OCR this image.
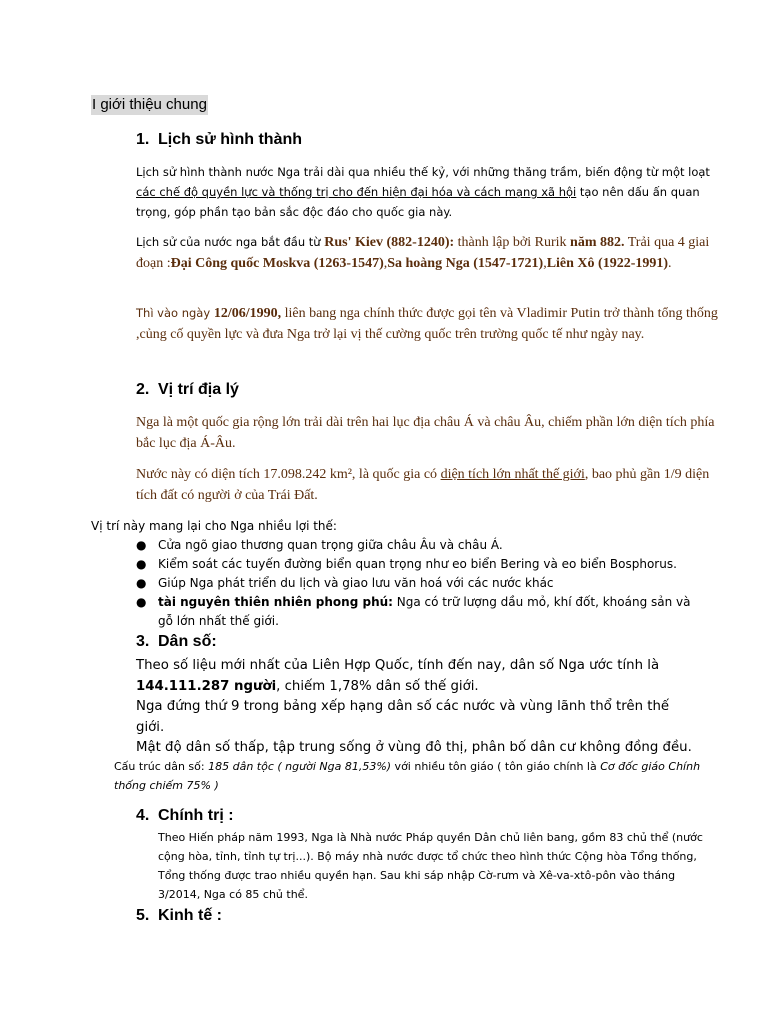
I giới thiệu chung
1. Lịch sử hình thành
Lịch sử hình thành nước Nga trải dài qua nhiều thế kỷ, với những thăng trầm, biến động từ một loạt các chế độ quyền lực và thống trị cho đến hiện đại hóa và cách mạng xã hội tạo nên dấu ấn quan trọng, góp phần tạo bản sắc độc đáo cho quốc gia này.
Lịch sử của nước nga bắt đầu từ Rus' Kiev (882-1240): thành lập bởi Rurik năm 882. Trải qua 4 giai đoạn :Đại Công quốc Moskva (1263-1547),Sa hoàng Nga (1547-1721),Liên Xô (1922-1991).
Thì vào ngày 12/06/1990, liên bang nga chính thức được gọi tên và Vladimir Putin trở thành tổng thống ,củng cố quyền lực và đưa Nga trở lại vị thế cường quốc trên trường quốc tế như ngày nay.
2. Vị trí địa lý
Nga là một quốc gia rộng lớn trải dài trên hai lục địa châu Á và châu Âu, chiếm phần lớn diện tích phía bắc lục địa Á-Âu.
Nước này có diện tích 17.098.242 km², là quốc gia có diện tích lớn nhất thế giới, bao phủ gần 1/9 diện tích đất có người ở của Trái Đất.
Vị trí này mang lại cho Nga nhiều lợi thế:
● Cửa ngõ giao thương quan trọng giữa châu Âu và châu Á.
● Kiểm soát các tuyến đường biển quan trọng như eo biển Bering và eo biển Bosphorus.
● Giúp Nga phát triển du lịch và giao lưu văn hoá với các nước khác
● tài nguyên thiên nhiên phong phú: Nga có trữ lượng dầu mỏ, khí đốt, khoáng sản và gỗ lớn nhất thế giới.
3. Dân số:
Theo số liệu mới nhất của Liên Hợp Quốc, tính đến nay, dân số Nga ước tính là 144.111.287 người, chiếm 1,78% dân số thế giới.
Nga đứng thứ 9 trong bảng xếp hạng dân số các nước và vùng lãnh thổ trên thế giới.
Mật độ dân số thấp, tập trung sống ở vùng đô thị, phân bố dân cư không đồng đều.
Cấu trúc dân số: 185 dân tộc ( người Nga 81,53%) với nhiều tôn giáo ( tôn giáo chính là Cơ đốc giáo Chính thống chiếm 75% )
4. Chính trị :
Theo Hiến pháp năm 1993, Nga là Nhà nước Pháp quyền Dân chủ liên bang, gồm 83 chủ thể (nước cộng hòa, tỉnh, tỉnh tự trị...). Bộ máy nhà nước được tổ chức theo hình thức Cộng hòa Tổng thống, Tổng thống được trao nhiều quyền hạn. Sau khi sáp nhập Cờ-rưm và Xê-va-xtô-pôn vào tháng 3/2014, Nga có 85 chủ thể.
5. Kinh tế :
